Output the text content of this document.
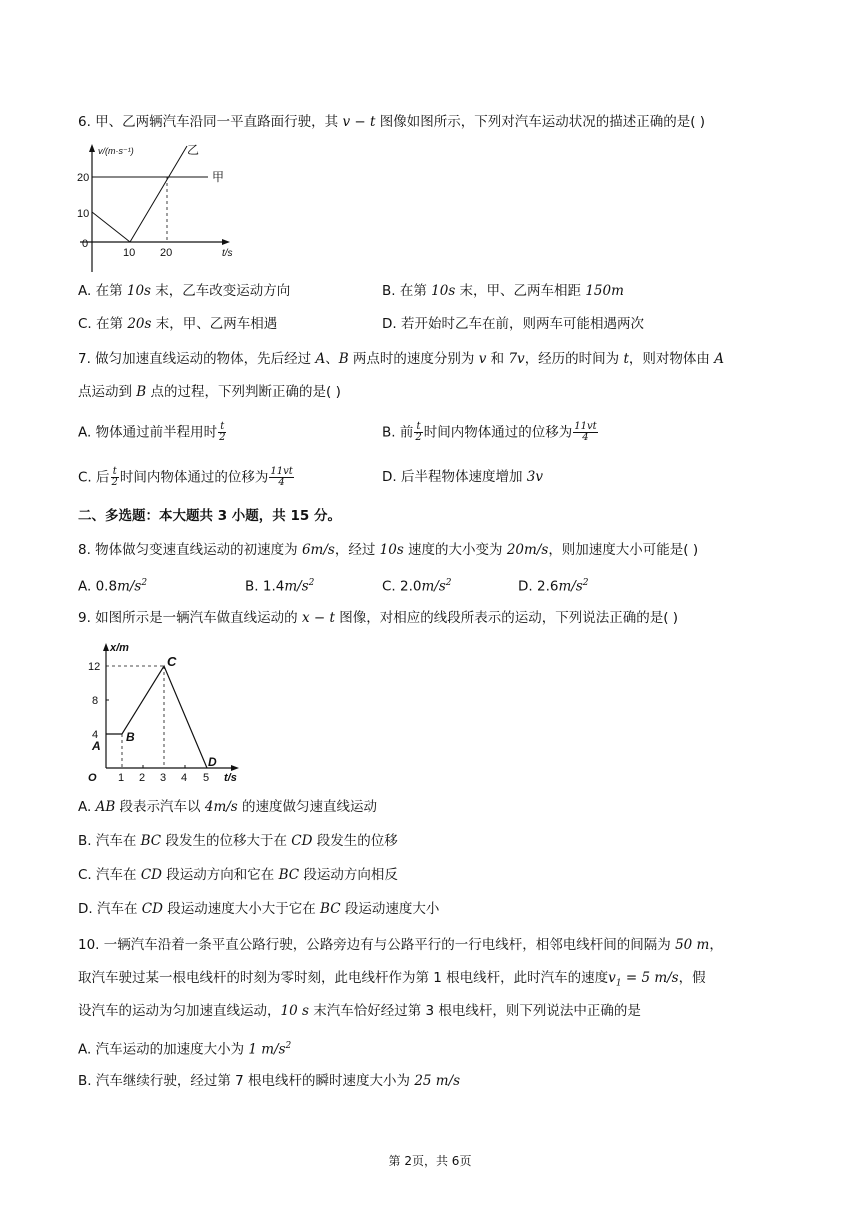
6. 甲、乙两辆汽车沿同一平直路面行驶，其 v − t 图像如图所示，下列对汽车运动状况的描述正确的是( )
v/(m·s⁻¹)	乙
甲
20
10
0
10 20	t/s
A. 在第 10s 末，乙车改变运动方向	B. 在第 10s 末，甲、乙两车相距 150m
C. 在第 20s 末，甲、乙两车相遇	D. 若开始时乙车在前，则两车可能相遇两次
7. 做匀加速直线运动的物体，先后经过 A、B 两点时的速度分别为 v 和 7v，经历的时间为 t，则对物体由 A
点运动到 B 点的过程，下列判断正确的是( )
A. 物体通过前半程用时 $\frac{t}{2}$	B. 前 $\frac{t}{2}$ 时间内物体通过的位移为 $\frac{11vt}{4}$
C. 后 $\frac{t}{2}$ 时间内物体通过的位移为 $\frac{11vt}{4}$	D. 后半程物体速度增加 3v
二、多选题：本大题共 3 小题，共 15 分。
8. 物体做匀变速直线运动的初速度为 6m/s，经过 10s 速度的大小变为 20m/s，则加速度大小可能是( )
A. $0.8m/s^2$	B. $1.4m/s^2$	C. $2.0m/s^2$	D. $2.6m/s^2$
9. 如图所示是一辆汽车做直线运动的 x − t 图像，对相应的线段所表示的运动，下列说法正确的是( )
x/m
12
8
4
A
B
C
D
O 1 2 3 4 5 t/s
A. AB 段表示汽车以 4m/s 的速度做匀速直线运动
B. 汽车在 BC 段发生的位移大于在 CD 段发生的位移
C. 汽车在 CD 段运动方向和它在 BC 段运动方向相反
D. 汽车在 CD 段运动速度大小大于它在 BC 段运动速度大小
10. 一辆汽车沿着一条平直公路行驶，公路旁边有与公路平行的一行电线杆，相邻电线杆间的间隔为 50 m，
取汽车驶过某一根电线杆的时刻为零时刻，此电线杆作为第 1 根电线杆，此时汽车的速度$v_1 = 5$ m/s，假
设汽车的运动为匀加速直线运动，10 s 末汽车恰好经过第 3 根电线杆，则下列说法中正确的是
A. 汽车运动的加速度大小为 1 $m/s^2$
B. 汽车继续行驶，经过第 7 根电线杆的瞬时速度大小为 25 m/s
第 2页，共 6页
